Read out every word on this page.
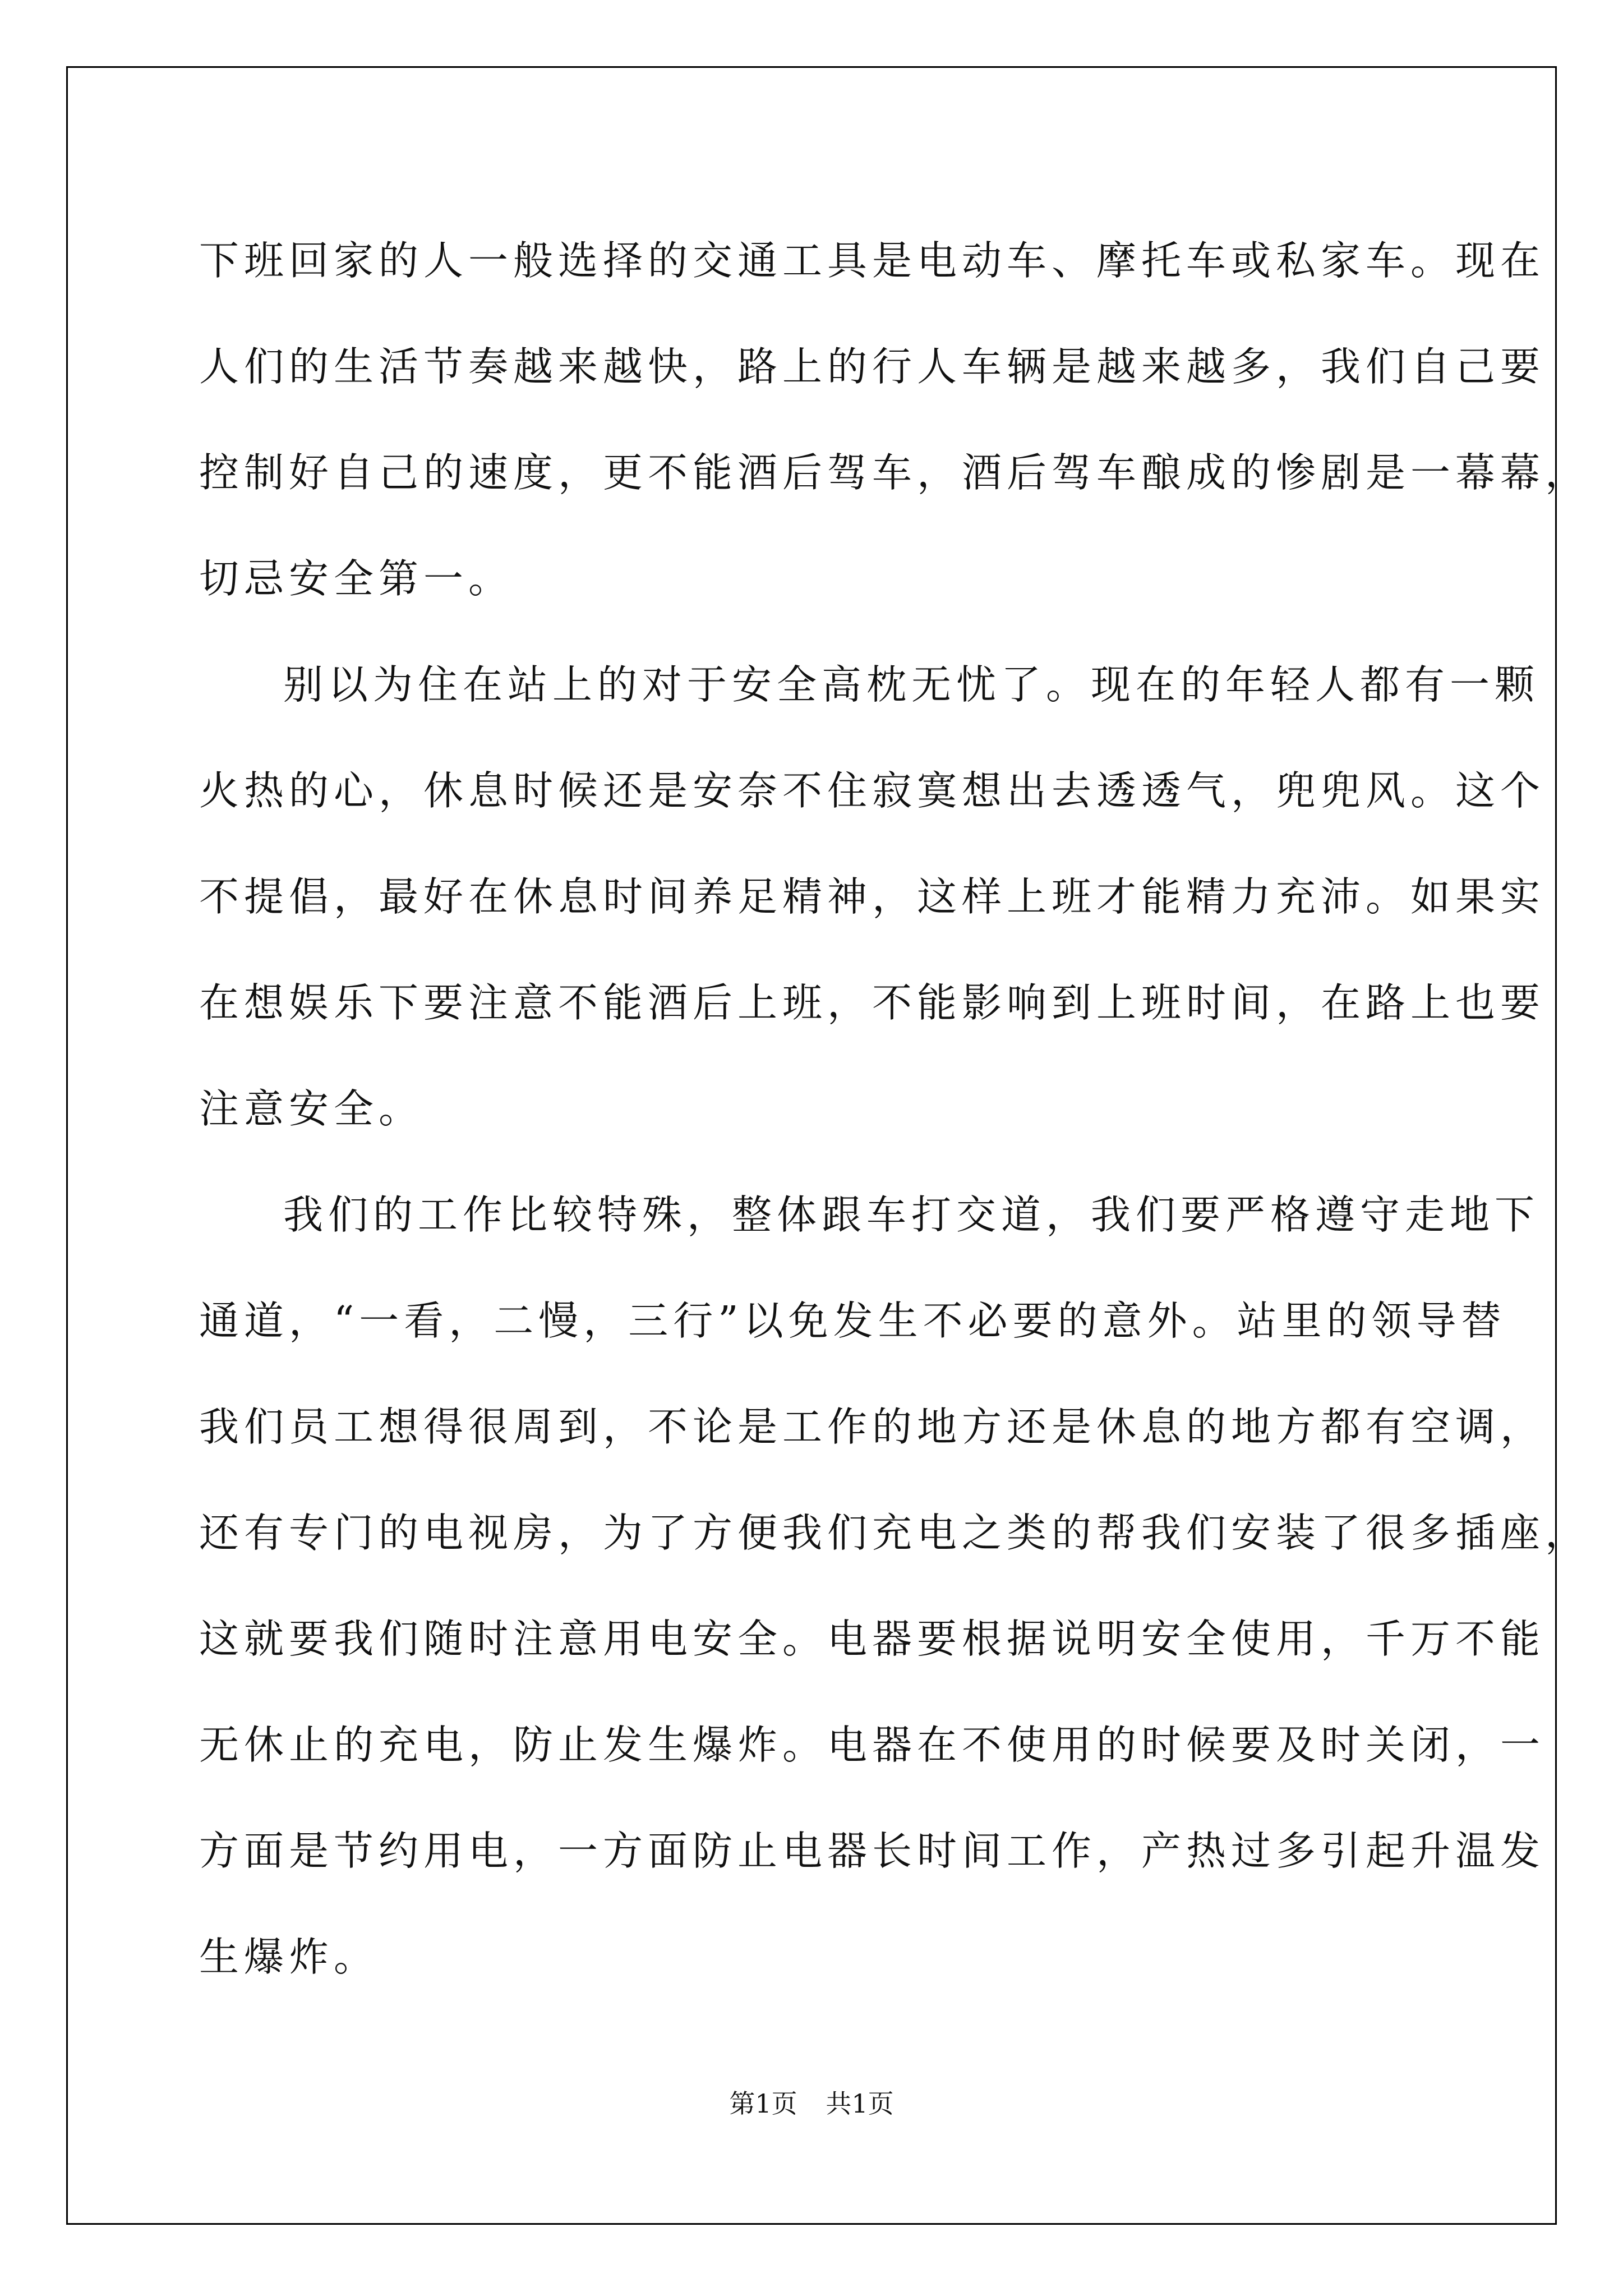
下班回家的人一般选择的交通工具是电动车、摩托车或私家车。现在
人们的生活节奏越来越快，路上的行人车辆是越来越多，我们自己要
控制好自己的速度，更不能酒后驾车，酒后驾车酿成的惨剧是一幕幕，
切忌安全第一。
别以为住在站上的对于安全高枕无忧了。现在的年轻人都有一颗
火热的心，休息时候还是安奈不住寂寞想出去透透气，兜兜风。这个
不提倡，最好在休息时间养足精神，这样上班才能精力充沛。如果实
在想娱乐下要注意不能酒后上班，不能影响到上班时间，在路上也要
注意安全。
我们的工作比较特殊，整体跟车打交道，我们要严格遵守走地下
通道，“一看，二慢，三行”以免发生不必要的意外。站里的领导替
我们员工想得很周到，不论是工作的地方还是休息的地方都有空调，
还有专门的电视房，为了方便我们充电之类的帮我们安装了很多插座，
这就要我们随时注意用电安全。电器要根据说明安全使用，千万不能
无休止的充电，防止发生爆炸。电器在不使用的时候要及时关闭，一
方面是节约用电，一方面防止电器长时间工作，产热过多引起升温发
生爆炸。
第1页 共1页
